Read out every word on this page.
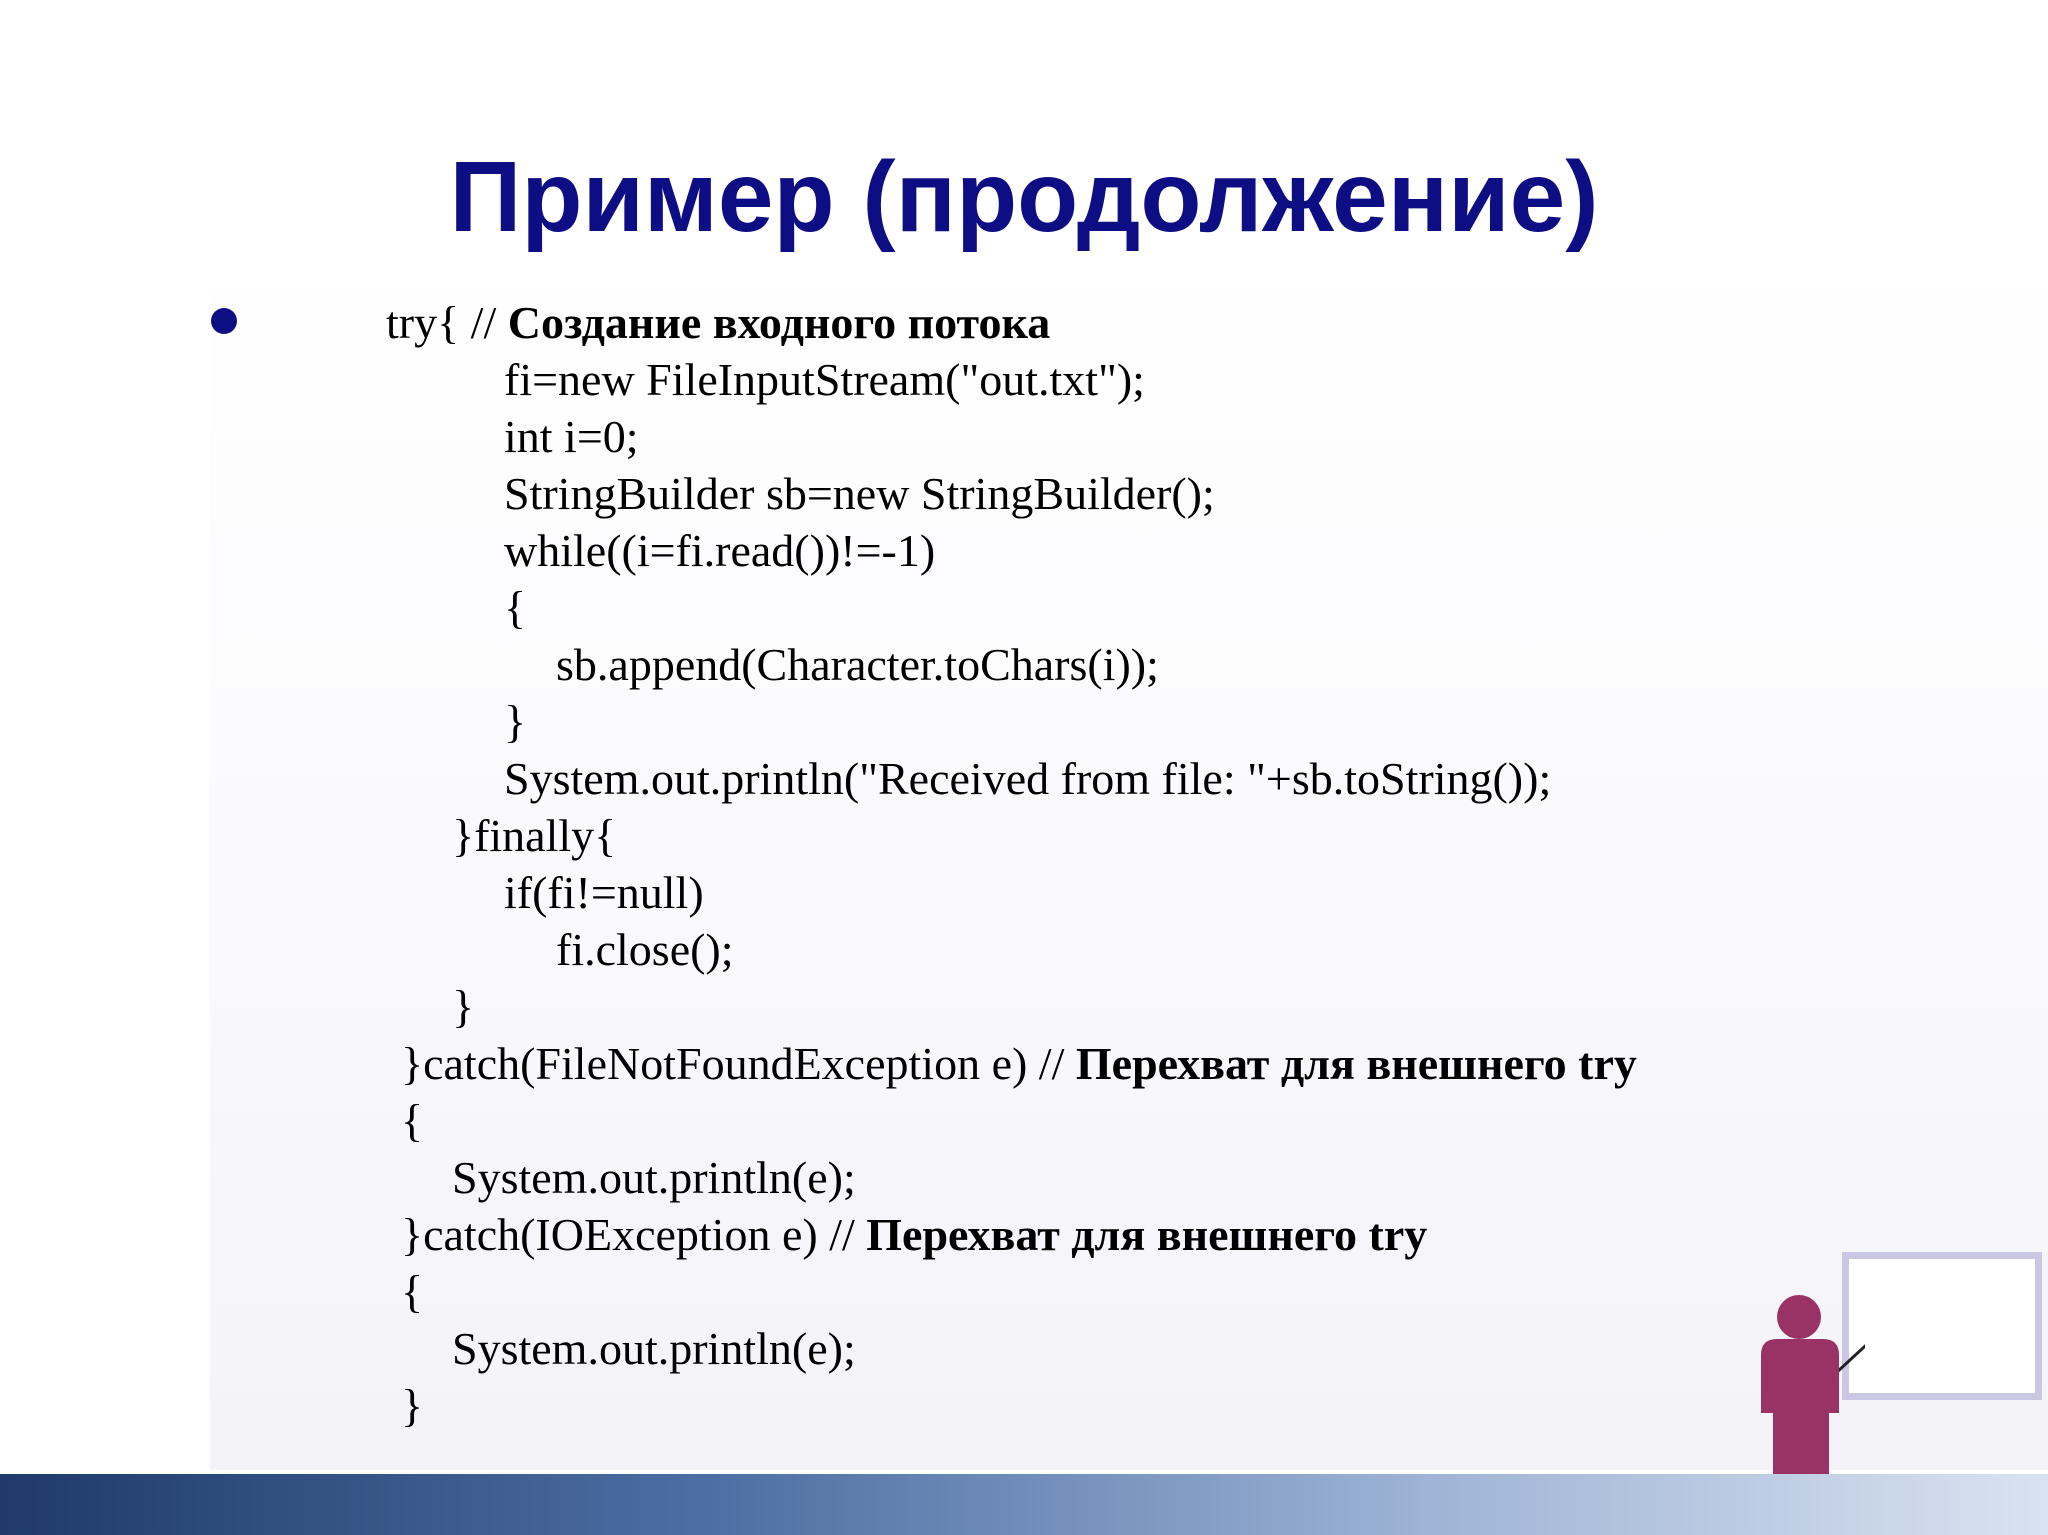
Пример (продолжение)
try{ // Создание входного потока
fi=new FileInputStream("out.txt");
int i=0;
StringBuilder sb=new StringBuilder();
while((i=fi.read())!=-1)
{
sb.append(Character.toChars(i));
}
System.out.println("Received from file: "+sb.toString());
}finally{
if(fi!=null)
fi.close();
}
}catch(FileNotFoundException e) // Перехват для внешнего try
{
System.out.println(e);
}catch(IOException e) // Перехват для внешнего try
{
System.out.println(e);
}
